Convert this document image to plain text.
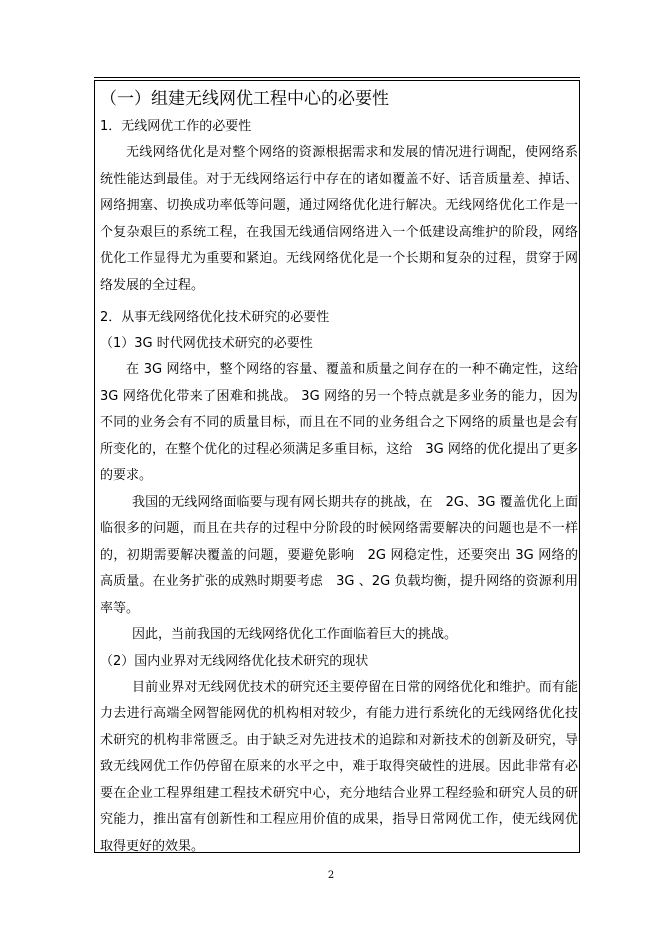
（一）组建无线网优工程中心的必要性

1．无线网优工作的必要性

无线网络优化是对整个网络的资源根据需求和发展的情况进行调配，使网络系统性能达到最佳。对于无线网络运行中存在的诸如覆盖不好、话音质量差、掉话、网络拥塞、切换成功率低等问题，通过网络优化进行解决。无线网络优化工作是一个复杂艰巨的系统工程，在我国无线通信网络进入一个低建设高维护的阶段，网络优化工作显得尤为重要和紧迫。无线网络优化是一个长期和复杂的过程，贯穿于网络发展的全过程。

2．从事无线网络优化技术研究的必要性

（1）3G 时代网优技术研究的必要性

在 3G 网络中，整个网络的容量、覆盖和质量之间存在的一种不确定性，这给 3G 网络优化带来了困难和挑战。 3G 网络的另一个特点就是多业务的能力，因为不同的业务会有不同的质量目标，而且在不同的业务组合之下网络的质量也是会有所变化的，在整个优化的过程必须满足多重目标，这给　3G 网络的优化提出了更多的要求。

我国的无线网络面临要与现有网长期共存的挑战，在　2G、3G 覆盖优化上面临很多的问题，而且在共存的过程中分阶段的时候网络需要解决的问题也是不一样的，初期需要解决覆盖的问题，要避免影响　2G 网稳定性，还要突出 3G 网络的高质量。在业务扩张的成熟时期要考虑　3G 、2G 负载均衡，提升网络的资源利用率等。

因此，当前我国的无线网络优化工作面临着巨大的挑战。

（2）国内业界对无线网络优化技术研究的现状

目前业界对无线网优技术的研究还主要停留在日常的网络优化和维护。而有能力去进行高端全网智能网优的机构相对较少，有能力进行系统化的无线网络优化技术研究的机构非常匮乏。由于缺乏对先进技术的追踪和对新技术的创新及研究，导致无线网优工作仍停留在原来的水平之中，难于取得突破性的进展。因此非常有必要在企业工程界组建工程技术研究中心，充分地结合业界工程经验和研究人员的研究能力，推出富有创新性和工程应用价值的成果，指导日常网优工作，使无线网优取得更好的效果。

2
